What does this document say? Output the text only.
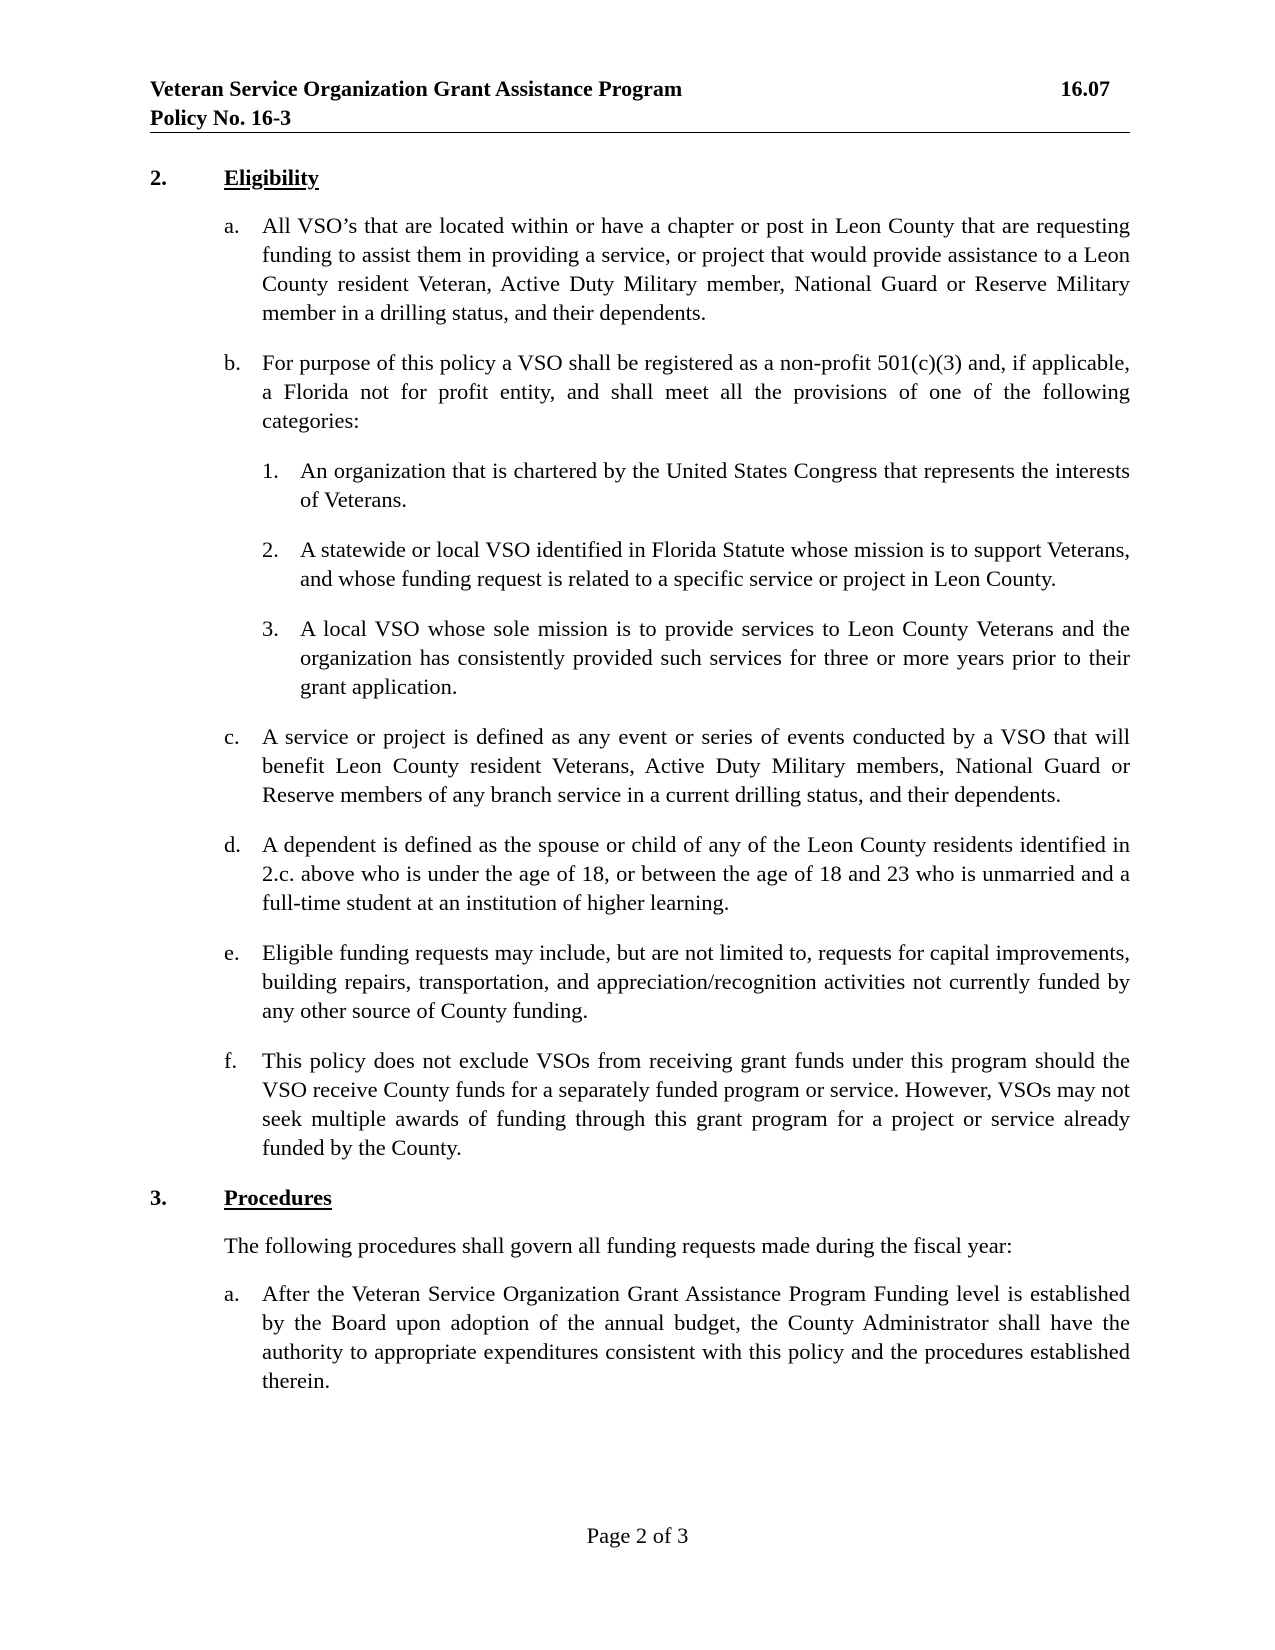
Veteran Service Organization Grant Assistance Program	16.07
Policy No. 16-3
2.	Eligibility
a. All VSO’s that are located within or have a chapter or post in Leon County that are requesting funding to assist them in providing a service, or project that would provide assistance to a Leon County resident Veteran, Active Duty Military member, National Guard or Reserve Military member in a drilling status, and their dependents.
b. For purpose of this policy a VSO shall be registered as a non-profit 501(c)(3) and, if applicable, a Florida not for profit entity, and shall meet all the provisions of one of the following categories:
1. An organization that is chartered by the United States Congress that represents the interests of Veterans.
2. A statewide or local VSO identified in Florida Statute whose mission is to support Veterans, and whose funding request is related to a specific service or project in Leon County.
3. A local VSO whose sole mission is to provide services to Leon County Veterans and the organization has consistently provided such services for three or more years prior to their grant application.
c. A service or project is defined as any event or series of events conducted by a VSO that will benefit Leon County resident Veterans, Active Duty Military members, National Guard or Reserve members of any branch service in a current drilling status, and their dependents.
d. A dependent is defined as the spouse or child of any of the Leon County residents identified in 2.c. above who is under the age of 18, or between the age of 18 and 23 who is unmarried and a full-time student at an institution of higher learning.
e. Eligible funding requests may include, but are not limited to, requests for capital improvements, building repairs, transportation, and appreciation/recognition activities not currently funded by any other source of County funding.
f.	This policy does not exclude VSOs from receiving grant funds under this program should the VSO receive County funds for a separately funded program or service. However, VSOs may not seek multiple awards of funding through this grant program for a project or service already funded by the County.
3.	Procedures
The following procedures shall govern all funding requests made during the fiscal year:
a. After the Veteran Service Organization Grant Assistance Program Funding level is established by the Board upon adoption of the annual budget, the County Administrator shall have the authority to appropriate expenditures consistent with this policy and the procedures established therein.
Page 2 of 3
